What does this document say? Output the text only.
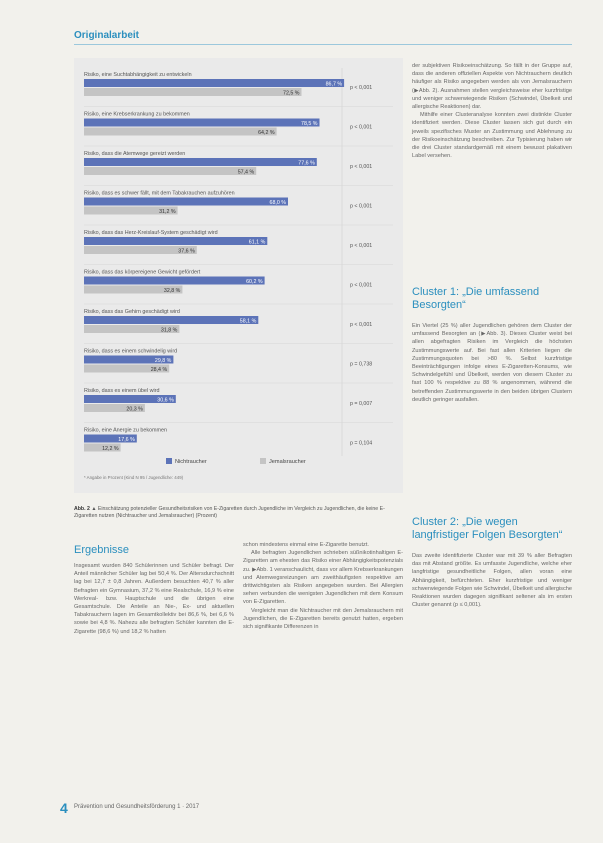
Originalarbeit
Risiko, eine Suchtabhängigkeit zu entwickeln
86,7 %
72,5 %
p < 0,001
Risiko, eine Krebserkrankung zu bekommen
78,5 %
64,2 %
p < 0,001
Risiko, dass die Atemwege gereizt werden
77,6 %
57,4 %
p < 0,001
Risiko, dass es schwer fällt, mit dem Tabakrauchen aufzuhören
68,0 %
31,2 %
p < 0,001
Risiko, dass das Herz-Kreislauf-System geschädigt wird
61,1 %
37,6 %
p < 0,001
Risiko, dass das körpereigene Gewicht gefördert
60,2 %
32,8 %
p < 0,001
Risiko, dass das Gehirn geschädigt wird
58,1 %
31,8 %
p < 0,001
Risiko, dass es einem schwindelig wird
29,8 %
28,4 %
p = 0,738
Risiko, dass es einem übel wird
30,6 %
20,3 %
p = 0,007
Risiko, eine Anergie zu bekommen
17,6 %
12,2 %
p = 0,104
Nichtraucher	Jemalsraucher
* Angabe in Prozent (Kind N 95 / Jugendliche: 449)
Abb. 2 ▲ Einschätzung potenzieller Gesundheitsrisiken von E-Zigaretten durch Jugendliche im Vergleich zu Jugendlichen, die keine E-Zigaretten nutzen (Nichtraucher und Jemalsraucher) (Prozent)
Ergebnisse

Insgesamt wurden 840 Schülerinnen und Schüler befragt. Der Anteil männlicher Schüler lag bei 50,4 %. Der Altersdurchschnitt lag bei 12,7 ± 0,8 Jahren. Außerdem besuchten 40,7 % aller Befragten ein Gymnasium, 37,2 % eine Realschule, 16,9 % eine Werkreal- bzw. Hauptschule und die übrigen eine Gesamtschule. Die Anteile an Nie-, Ex- und aktuellen Tabakrauchern lagen im Gesamtkollektiv bei 86,6 %, bei 6,6 % sowie bei 4,8 %. Nahezu alle befragten Schüler kannten die E-Zigarette (98,6 %) und 18,2 % hatten

schon mindestens einmal eine E-Zigarette benutzt.

Alle befragten Jugendlichen schrieben süßnikotinhaltigen E-Zigaretten am ehesten das Risiko einer Abhängigkeitspotenzials zu. ▶Abb. 1 veranschaulicht, dass vor allem Krebserkrankungen und Atemwegsreizungen am zweithäufigsten respektive am drittwichtigsten als Risiken angegeben wurden. Bei Allergien sehen verbunden die wenigsten Jugendlichen mit dem Konsum von E-Zigaretten.

Vergleicht man die Nichtraucher mit den Jemalsrauchern mit Jugendlichen, die E-Zigaretten bereits genutzt hatten, ergeben sich signifikante Differenzen in

der subjektiven Risikoeinschätzung. So fällt in der Gruppe auf, dass die anderen offiziellen Aspekte von Nichtrauchern deutlich häufiger als Risiko angegeben werden als von Jemalsrauchern (▶Abb. 2). Ausnahmen stellen vergleichsweise eher kurzfristige und weniger schwerwiegende Risiken (Schwindel, Übelkeit und allergische Reaktionen) dar.

Mithilfe einer Clusteranalyse konnten zwei distinkte Cluster identifiziert werden. Diese Cluster lassen sich gut durch ein jeweils spezifisches Muster an Zustimmung und Ablehnung zu der Risikoeinschätzung beschreiben. Zur Typisierung haben wir die drei Cluster standardgemäß mit einem bewusst plakativen Label versehen.

Cluster 1: „Die umfassend Besorgten“

Ein Viertel (25 %) aller Jugendlichen gehören dem Cluster der umfassend Besorgten an (▶Abb. 3). Dieses Cluster weist bei allen abgefragten Risiken im Vergleich die höchsten Zustimmungswerte auf. Bei fast allen Kriterien liegen die Zustimmungsquoten bei >80 %. Selbst kurzfristige Beeinträchtigungen infolge eines E-Zigaretten-Konsums, wie Schwindelgefühl und Übelkeit, werden von diesem Cluster zu fast 100 % respektive zu 88 % angenommen, während die betreffenden Zustimmungswerte in den beiden übrigen Clustern deutlich geringer ausfallen.

Cluster 2: „Die wegen langfristiger Folgen Besorgten“

Das zweite identifizierte Cluster war mit 39 % aller Befragten das mit Abstand größte. Es umfasste Jugendliche, welche eher langfristige gesundheitliche Folgen, allen voran eine Abhängigkeit, befürchteten. Eher kurzfristige und weniger schwerwiegende Folgen wie Schwindel, Übelkeit und allergische Reaktionen wurden dagegen signifikant seltener als im ersten Cluster genannt (p ≤ 0,001).

4 Prävention und Gesundheitsförderung 1 · 2017
